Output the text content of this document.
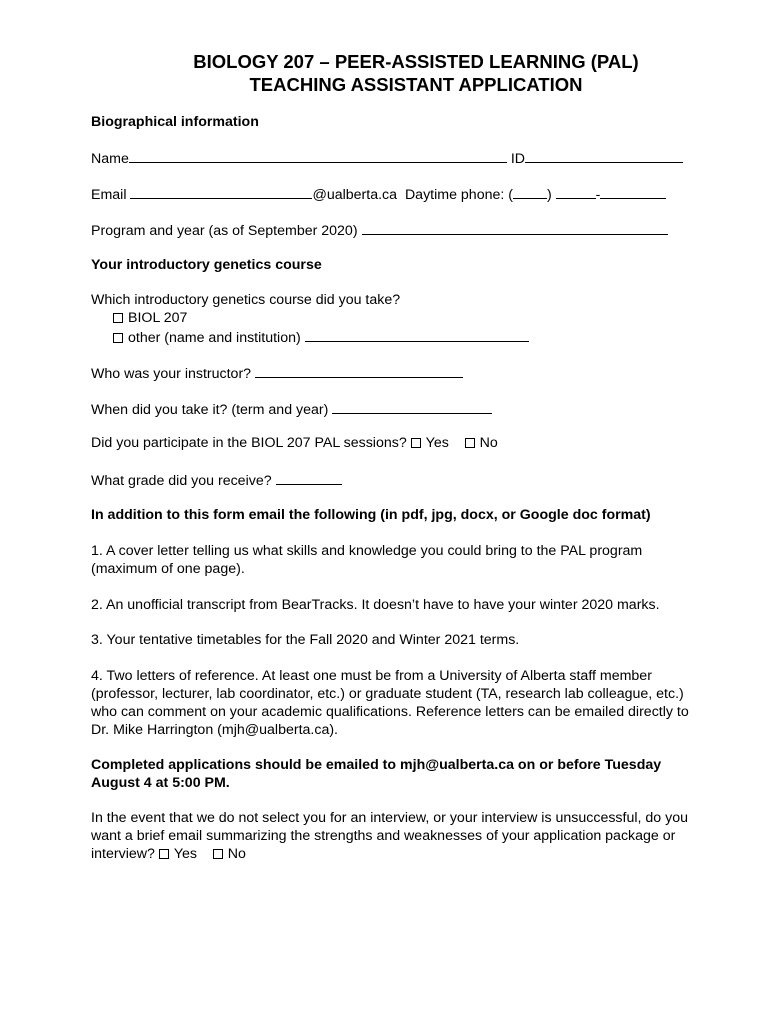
BIOLOGY 207 – PEER-ASSISTED LEARNING (PAL)
TEACHING ASSISTANT APPLICATION
Biographical information
Name	ID
Email	@ualberta.ca Daytime phone: ( )	-
Program and year (as of September 2020)
Your introductory genetics course
Which introductory genetics course did you take?
BIOL 207
other (name and institution)
Who was your instructor?
When did you take it? (term and year)
Did you participate in the BIOL 207 PAL sessions? Yes No
What grade did you receive?
In addition to this form email the following (in pdf, jpg, docx, or Google doc format)
1. A cover letter telling us what skills and knowledge you could bring to the PAL program (maximum of one page).
2. An unofficial transcript from BearTracks. It doesn’t have to have your winter 2020 marks.
3. Your tentative timetables for the Fall 2020 and Winter 2021 terms.
4. Two letters of reference. At least one must be from a University of Alberta staff member (professor, lecturer, lab coordinator, etc.) or graduate student (TA, research lab colleague, etc.) who can comment on your academic qualifications. Reference letters can be emailed directly to Dr. Mike Harrington (mjh@ualberta.ca).
Completed applications should be emailed to mjh@ualberta.ca on or before Tuesday August 4 at 5:00 PM.
In the event that we do not select you for an interview, or your interview is unsuccessful, do you want a brief email summarizing the strengths and weaknesses of your application package or interview? Yes No
